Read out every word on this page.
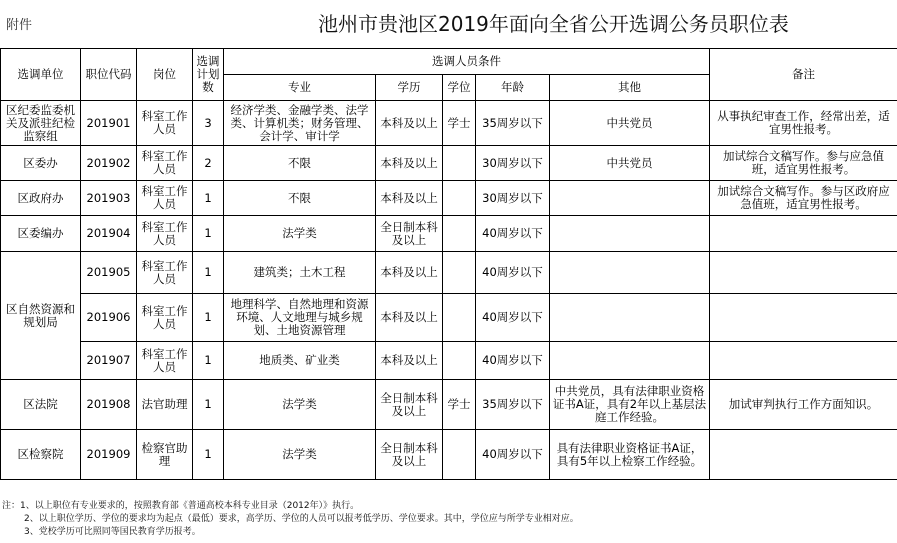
附件	池州市贵池区2019年面向全省公开选调公务员职位表
选调单位	职位代码	岗位	选调计划数	选调人员条件					备注
				专业	学历	学位	年龄	其他	
区纪委监委机关及派驻纪检监察组	201901	科室工作人员	3	经济学类、金融学类、法学类、计算机类；财务管理、会计学、审计学	本科及以上	学士	35周岁以下	中共党员	从事执纪审查工作，经常出差，适宜男性报考。
区委办	201902	科室工作人员	2	不限	本科及以上		30周岁以下	中共党员	加试综合文稿写作。参与应急值班，适宜男性报考。
区政府办	201903	科室工作人员	1	不限	本科及以上		30周岁以下		加试综合文稿写作。参与区政府应急值班，适宜男性报考。
区委编办	201904	科室工作人员	1	法学类	全日制本科及以上		40周岁以下		
区自然资源和规划局	201905	科室工作人员	1	建筑类；土木工程	本科及以上		40周岁以下		
	201906	科室工作人员	1	地理科学、自然地理和资源环境、人文地理与城乡规划、土地资源管理	本科及以上		40周岁以下		
	201907	科室工作人员	1	地质类、矿业类	本科及以上		40周岁以下		
区法院	201908	法官助理	1	法学类	全日制本科及以上	学士	35周岁以下	中共党员，具有法律职业资格证书A证，具有2年以上基层法庭工作经验。	加试审判执行工作方面知识。
区检察院	201909	检察官助理	1	法学类	全日制本科及以上		40周岁以下	具有法律职业资格证书A证，具有5年以上检察工作经验。	
注：1、以上职位有专业要求的，按照教育部《普通高校本科专业目录（2012年）》执行。
2、以上职位学历、学位的要求均为起点（最低）要求，高学历、学位的人员可以报考低学历、学位要求。其中，学位应与所学专业相对应。
3、党校学历可比照同等国民教育学历报考。
